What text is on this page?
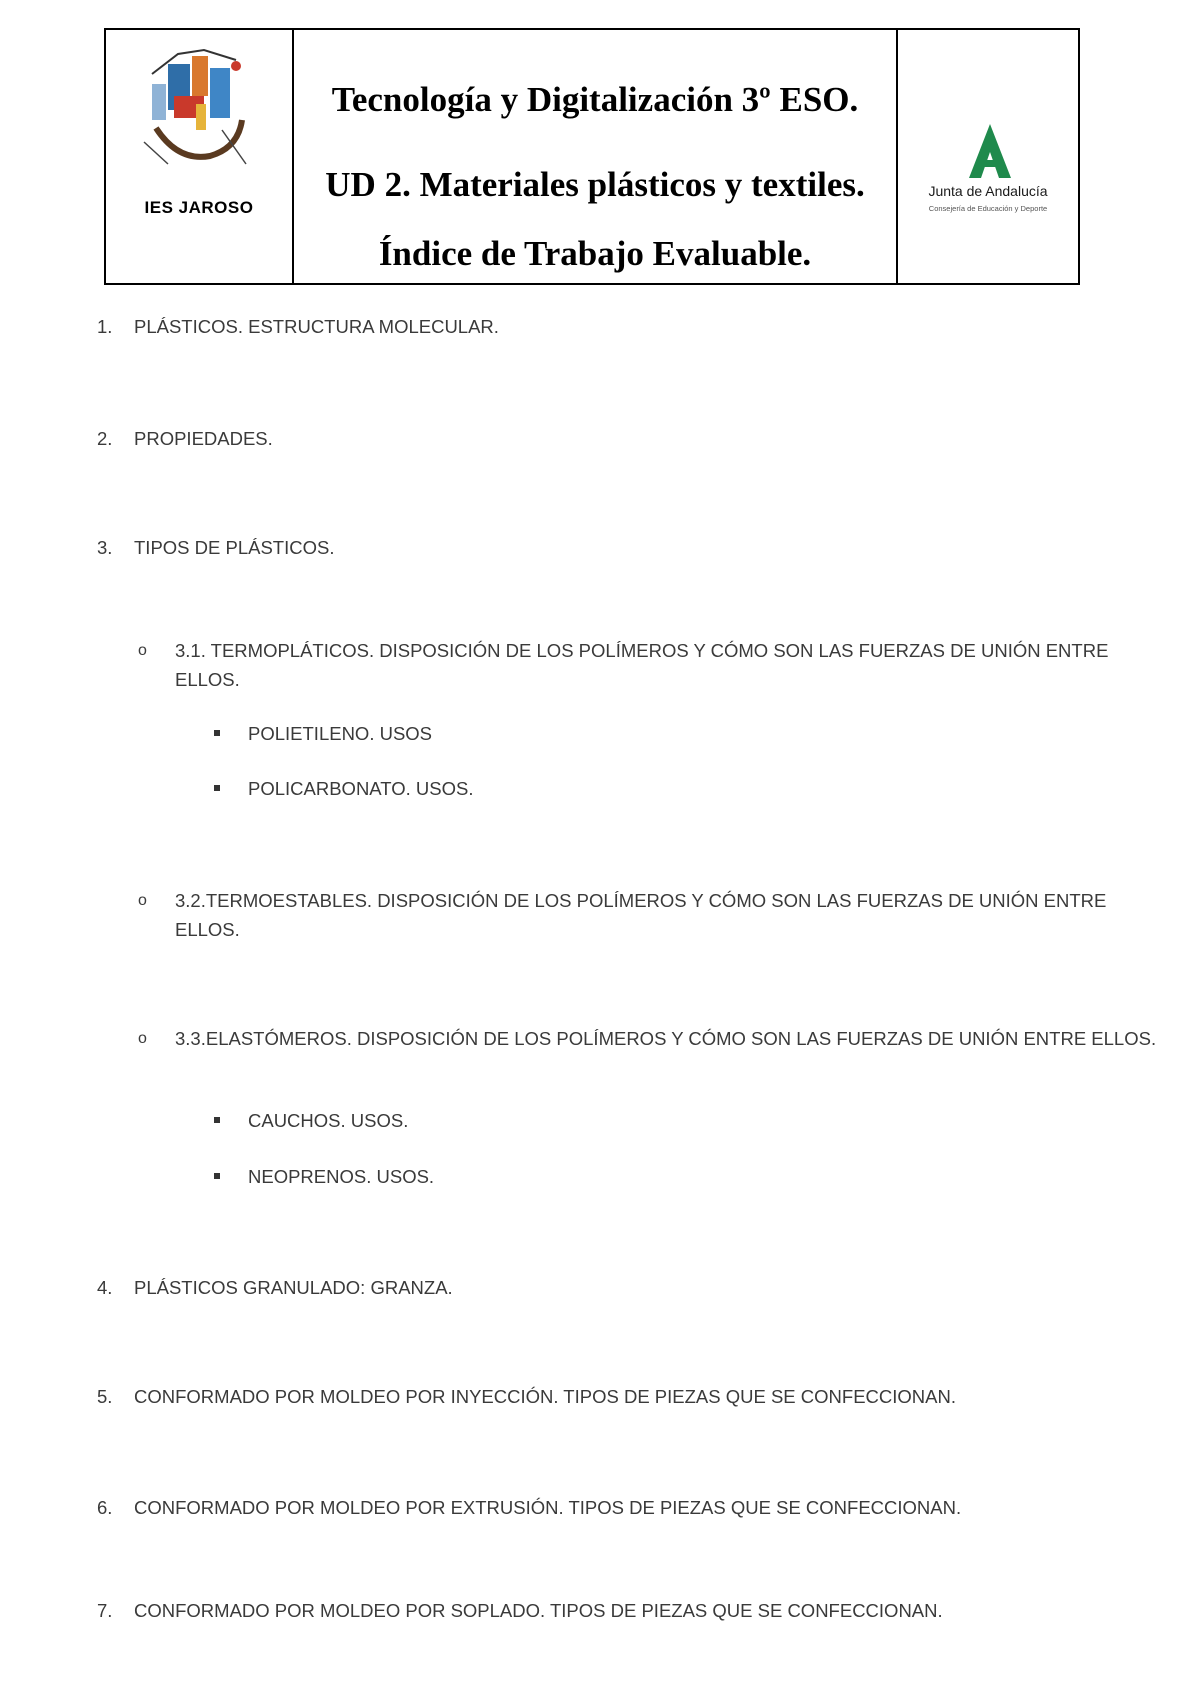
IES JAROSO
Tecnología y Digitalización 3º ESO.
UD 2. Materiales plásticos y textiles.
Índice de Trabajo Evaluable.
Junta de Andalucía
Consejería de Educación y Deporte
1.	PLÁSTICOS. ESTRUCTURA MOLECULAR.
2.	PROPIEDADES.
3.	TIPOS DE PLÁSTICOS.
o 3.1. TERMOPLÁTICOS. DISPOSICIÓN DE LOS POLÍMEROS Y CÓMO SON LAS FUERZAS DE UNIÓN ENTRE ELLOS.
POLIETILENO. USOS
POLICARBONATO. USOS.
o 3.2.TERMOESTABLES. DISPOSICIÓN DE LOS POLÍMEROS Y CÓMO SON LAS FUERZAS DE UNIÓN ENTRE ELLOS.
o 3.3.ELASTÓMEROS. DISPOSICIÓN DE LOS POLÍMEROS Y CÓMO SON LAS FUERZAS DE UNIÓN ENTRE ELLOS.
CAUCHOS. USOS.
NEOPRENOS. USOS.
4.	PLÁSTICOS GRANULADO: GRANZA.
5.	CONFORMADO POR MOLDEO POR INYECCIÓN. TIPOS DE PIEZAS QUE SE CONFECCIONAN.
6.	CONFORMADO POR MOLDEO POR EXTRUSIÓN. TIPOS DE PIEZAS QUE SE CONFECCIONAN.
7.	CONFORMADO POR MOLDEO POR SOPLADO. TIPOS DE PIEZAS QUE SE CONFECCIONAN.
